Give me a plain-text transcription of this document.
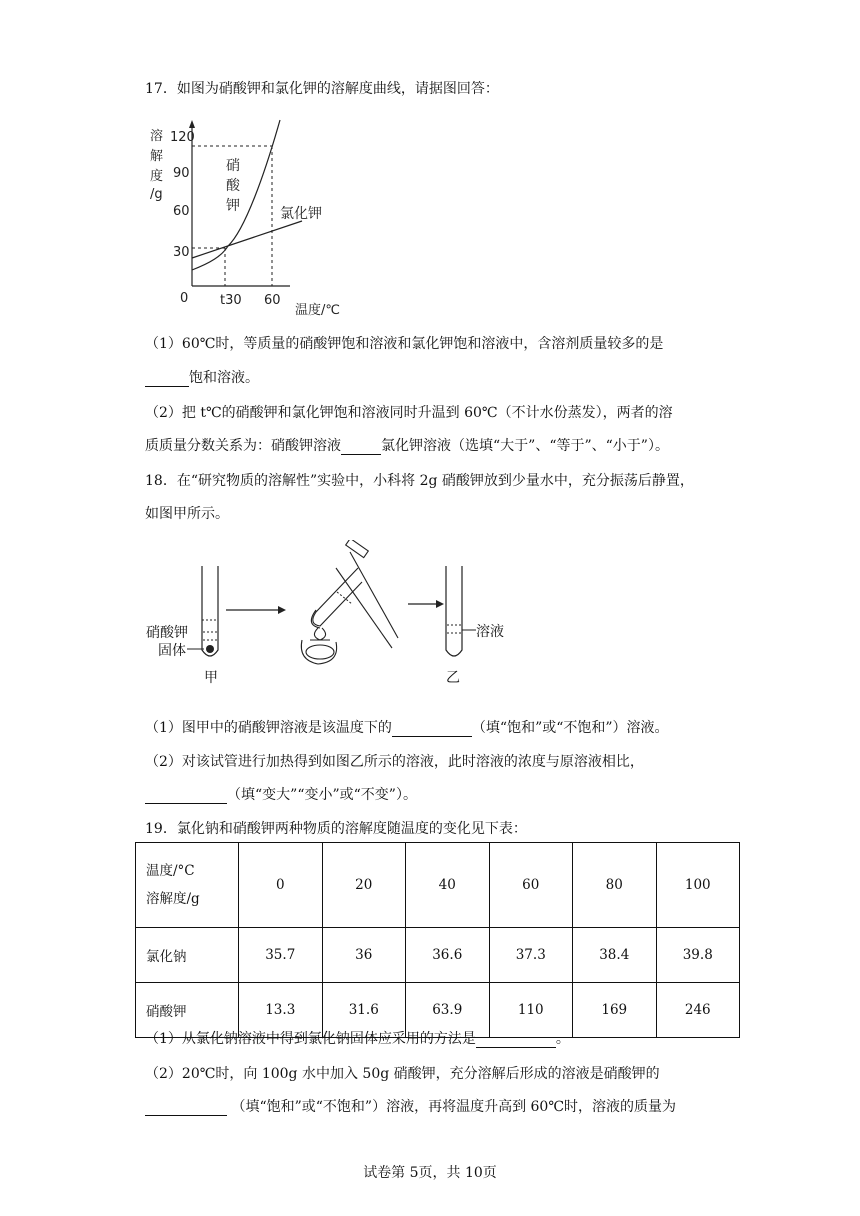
17．如图为硝酸钾和氯化钾的溶解度曲线，请据图回答：
溶
解
度
/g
120
90
60
30
0 t30 60
温度/℃
硝
酸
钾	氯化钾
（1）60℃时，等质量的硝酸钾饱和溶液和氯化钾饱和溶液中，含溶剂质量较多的是
饱和溶液。
（2）把 t℃的硝酸钾和氯化钾饱和溶液同时升温到 60℃（不计水份蒸发），两者的溶
质质量分数关系为：硝酸钾溶液	氯化钾溶液（选填“大于”、“等于”、“小于”）。
18．在“研究物质的溶解性”实验中，小科将 2g 硝酸钾放到少量水中，充分振荡后静置，
如图甲所示。
硝酸钾
固体
甲
溶液
乙
（1）图甲中的硝酸钾溶液是该温度下的	（填“饱和”或“不饱和”）溶液。
（2）对该试管进行加热得到如图乙所示的溶液，此时溶液的浓度与原溶液相比，
（填“变大”“变小”或“不变”）。
19．氯化钠和硝酸钾两种物质的溶解度随温度的变化见下表：
温度/°C
溶解度/g	0	20	40	60	80	100
氯化钠	35.7	36	36.6	37.3	38.4	39.8
硝酸钾	13.3	31.6	63.9	110	169	246
（1）从氯化钠溶液中得到氯化钠固体应采用的方法是	。
（2）20℃时，向 100g 水中加入 50g 硝酸钾，充分溶解后形成的溶液是硝酸钾的
（填“饱和”或“不饱和”）溶液，再将温度升高到 60℃时，溶液的质量为
试卷第 5页，共 10页
